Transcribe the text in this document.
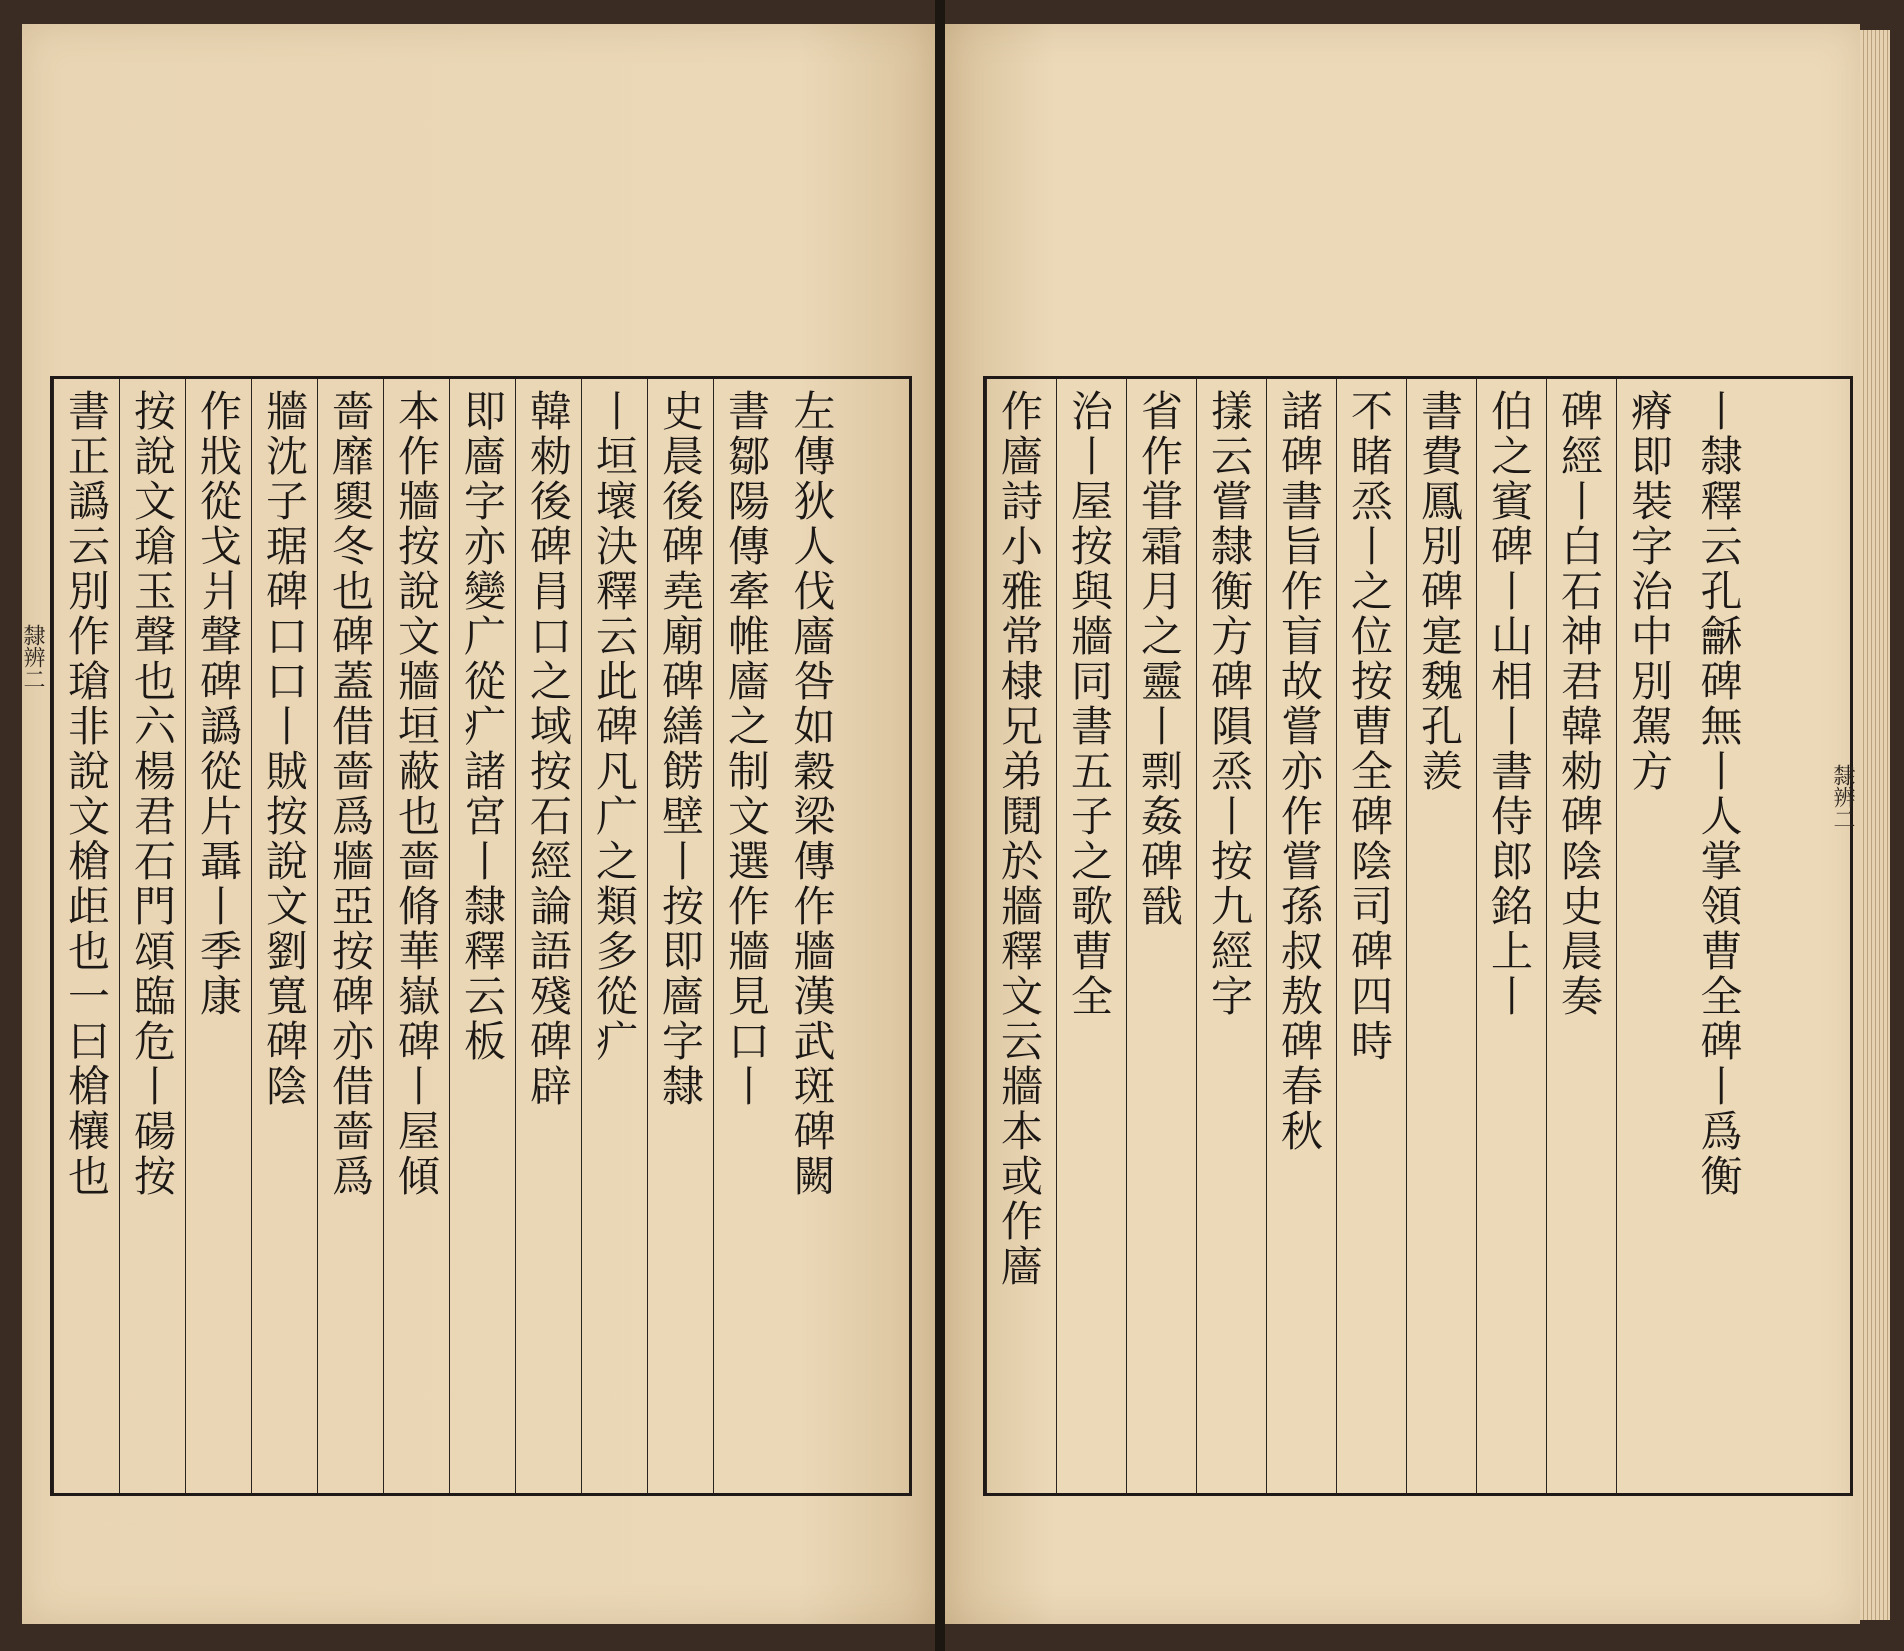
隸辨二 書正譌云別作瑲非說文槍歫也一曰槍欀也 按說文瑲玉聲也六楊君石門頌臨危丨碭按 作戕從戈爿聲碑譌從片聶丨季康 牆沈子琚碑口口丨賊按說文劉寬碑陰 嗇靡夓冬也碑蓋借嗇爲牆亞按碑亦借嗇爲 本作牆按說文牆垣蔽也嗇脩華嶽碑丨屋傾 即廧字亦變广從疒諸宮丨隸釋云板 韓勑後碑肙口之域按石經論語殘碑辟 丨垣壞決釋云此碑凡广之類多從疒 史晨後碑堯廟碑繕餝壁丨按即廧字隸 書鄒陽傳牽帷廧之制文選作牆見口丨 左傳狄人伐廧咎如穀梁傳作牆漢武斑碑闕	作廧詩小雅常棣兄弟鬩於牆釋文云牆本或作廧 治丨屋按與牆同書五子之歌曹全 省作甞霜月之靈丨剽姦碑戩 㨾云嘗隸衡方碑隕烝丨按九經字 諸碑書旨作盲故嘗亦作嘗孫叔敖碑春秋 不睹烝丨之位按曹全碑陰司碑四時 書費鳳別碑寔魏孔羨 伯之賓碑丨山相丨書侍郎銘上丨 碑經丨白石神君韓勑碑陰史晨奏 瘠即裝字治中別駕方 丨隸釋云孔龢碑無丨人掌領曹全碑丨爲衡	隸辨二
